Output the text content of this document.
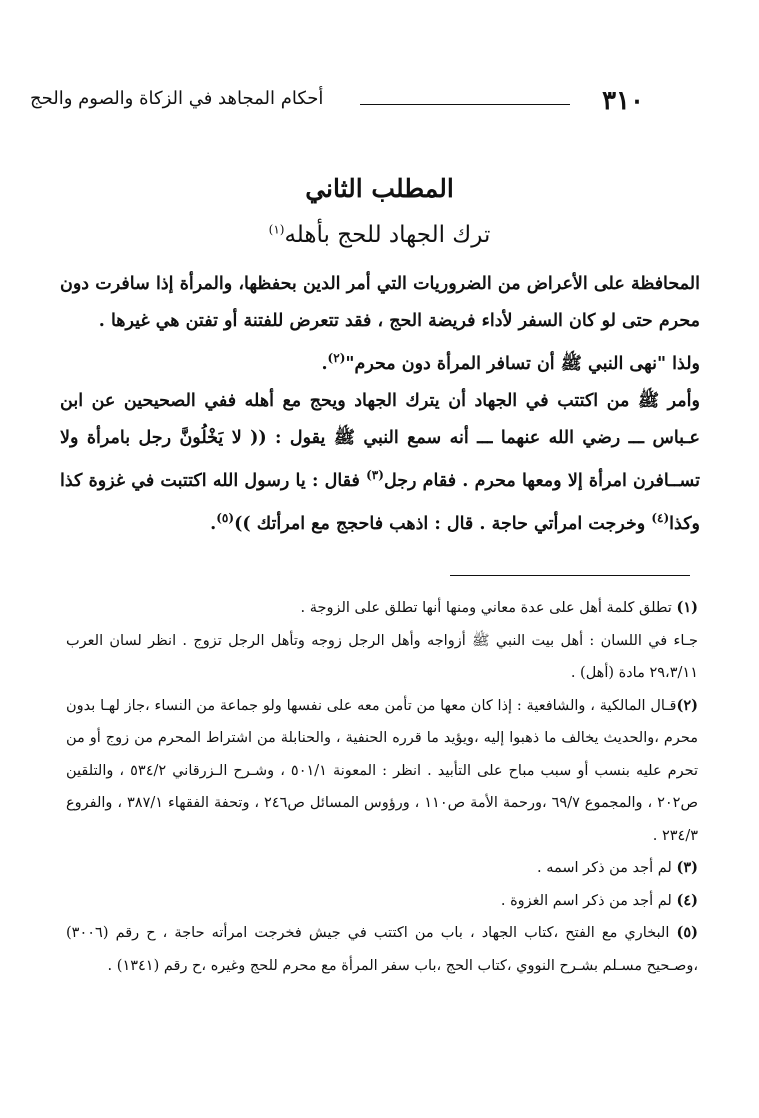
٣١٠
أحكام المجاهد في الزكاة والصوم والحج
المطلب الثاني
ترك الجهاد للحج بأهله$^{(١)}$

المحافظة على الأعراض من الضروريات التي أمر الدين بحفظها، والمرأة إذا سافرت دون محرم حتى لو كان السفر لأداء فريضة الحج ، فقد تتعرض للفتنة أو تفتن هي غيرها .

ولذا "نهى النبي ﷺ أن تسافر المرأة دون محرم"$^{(٢)}$.

وأمر ﷺ من اكتتب في الجهاد أن يترك الجهاد ويحج مع أهله ففي الصحيحين عن ابن عـباس ـــ رضي الله عنهما ـــ أنه سمع النبي ﷺ يقول : (( لا يَخْلُونَّ رجل بامرأة ولا تســافرن امرأة إلا ومعها محرم . فقام رجل$^{(٣)}$ فقال : يا رسول الله اكتتبت في غزوة كذا وكذا$^{(٤)}$ وخرجت امرأتي حاجة . قال : اذهب فاحجج مع امرأتك ))$^{(٥)}$.

(١) تطلق كلمة أهل على عدة معاني ومنها أنها تطلق على الزوجة .

جـاء في اللسان : أهل بيت النبي ﷺ أزواجه وأهل الرجل زوجه وتأهل الرجل تزوج . انظر لسان العرب ٢٩،٣/١١ مادة (أهل) .

(٢)قـال المالكية ، والشافعية : إذا كان معها من تأمن معه على نفسها ولو جماعة من النساء ،جاز لهـا بدون محرم ،والحديث يخالف ما ذهبوا إليه ،ويؤيد ما قرره الحنفية ، والحنابلة من اشتراط المحرم من زوج أو من تحرم عليه بنسب أو سبب مباح على التأبيد . انظر : المعونة ٥٠١/١ ، وشـرح الـزرقاني ٥٣٤/٢ ، والتلقين ص٢٠٢ ، والمجموع ٦٩/٧ ،ورحمة الأمة ص١١٠ ، ورؤوس المسائل ص٢٤٦ ، وتحفة الفقهاء ٣٨٧/١ ، والفروع ٢٣٤/٣ .

(٣) لم أجد من ذكر اسمه .

(٤) لم أجد من ذكر اسم الغزوة .

(٥) البخاري مع الفتح ،كتاب الجهاد ، باب من اكتتب في جيش فخرجت امرأته حاجة ، ح رقم (٣٠٠٦) ،وصـحيح مسـلم بشـرح النووي ،كتاب الحج ،باب سفر المرأة مع محرم للحج وغيره ،ح رقم (١٣٤١) .
